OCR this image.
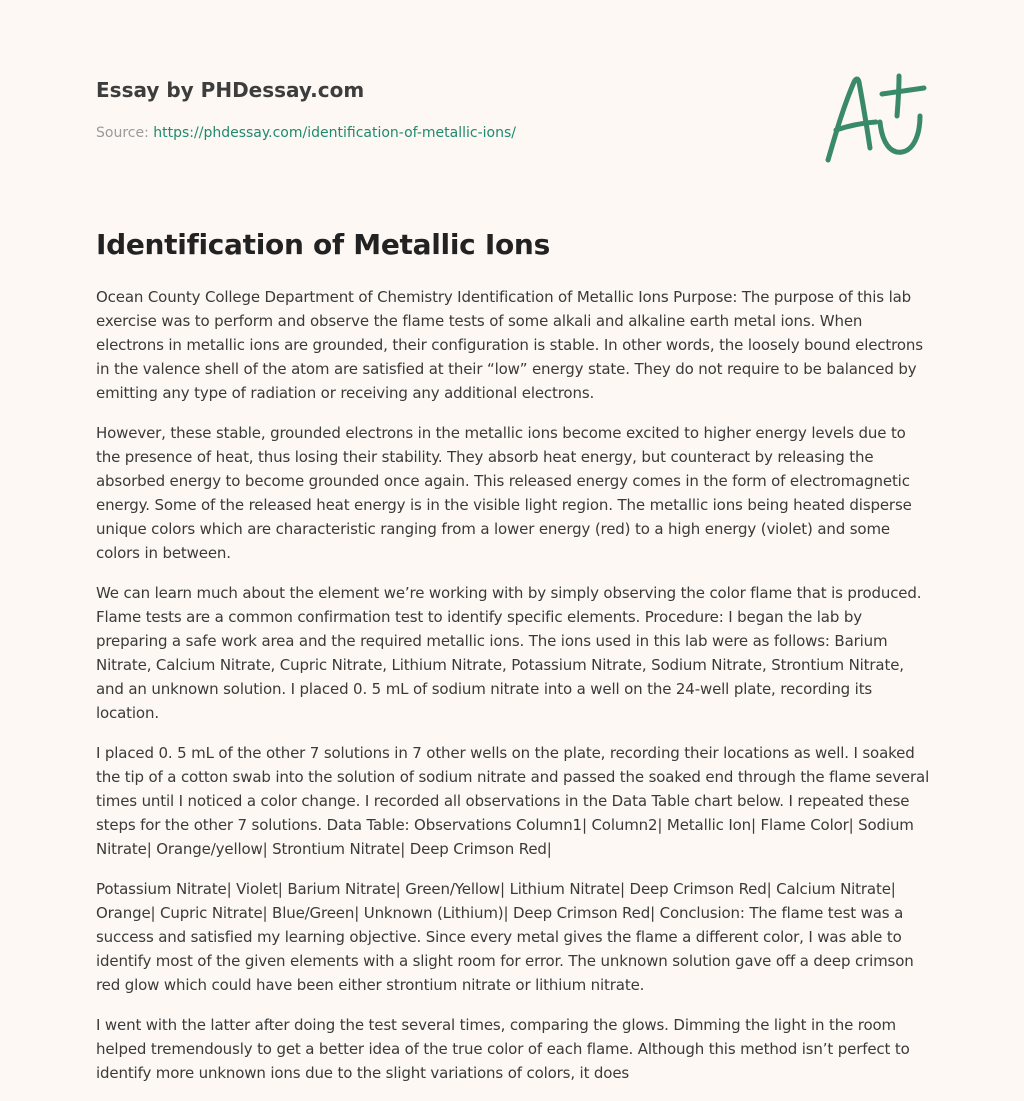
Essay by PHDessay.com
Source: https://phdessay.com/identification-of-metallic-ions/
Identification of Metallic Ions

Ocean County College Department of Chemistry Identification of Metallic Ions Purpose: The purpose of this lab exercise was to perform and observe the flame tests of some alkali and alkaline earth metal ions. When electrons in metallic ions are grounded, their configuration is stable. In other words, the loosely bound electrons in the valence shell of the atom are satisfied at their “low” energy state. They do not require to be balanced by emitting any type of radiation or receiving any additional electrons.

However, these stable, grounded electrons in the metallic ions become excited to higher energy levels due to the presence of heat, thus losing their stability. They absorb heat energy, but counteract by releasing the absorbed energy to become grounded once again. This released energy comes in the form of electromagnetic energy. Some of the released heat energy is in the visible light region. The metallic ions being heated disperse unique colors which are characteristic ranging from a lower energy (red) to a high energy (violet) and some colors in between.

We can learn much about the element we’re working with by simply observing the color flame that is produced. Flame tests are a common confirmation test to identify specific elements. Procedure: I began the lab by preparing a safe work area and the required metallic ions. The ions used in this lab were as follows: Barium Nitrate, Calcium Nitrate, Cupric Nitrate, Lithium Nitrate, Potassium Nitrate, Sodium Nitrate, Strontium Nitrate, and an unknown solution. I placed 0. 5 mL of sodium nitrate into a well on the 24-well plate, recording its location.

I placed 0. 5 mL of the other 7 solutions in 7 other wells on the plate, recording their locations as well. I soaked the tip of a cotton swab into the solution of sodium nitrate and passed the soaked end through the flame several times until I noticed a color change. I recorded all observations in the Data Table chart below. I repeated these steps for the other 7 solutions. Data Table: Observations Column1| Column2| Metallic Ion| Flame Color| Sodium Nitrate| Orange/yellow| Strontium Nitrate| Deep Crimson Red|

Potassium Nitrate| Violet| Barium Nitrate| Green/Yellow| Lithium Nitrate| Deep Crimson Red| Calcium Nitrate| Orange| Cupric Nitrate| Blue/Green| Unknown (Lithium)| Deep Crimson Red| Conclusion: The flame test was a success and satisfied my learning objective. Since every metal gives the flame a different color, I was able to identify most of the given elements with a slight room for error. The unknown solution gave off a deep crimson red glow which could have been either strontium nitrate or lithium nitrate.

I went with the latter after doing the test several times, comparing the glows. Dimming the light in the room helped tremendously to get a better idea of the true color of each flame. Although this method isn’t perfect to identify more unknown ions due to the slight variations of colors, it does
